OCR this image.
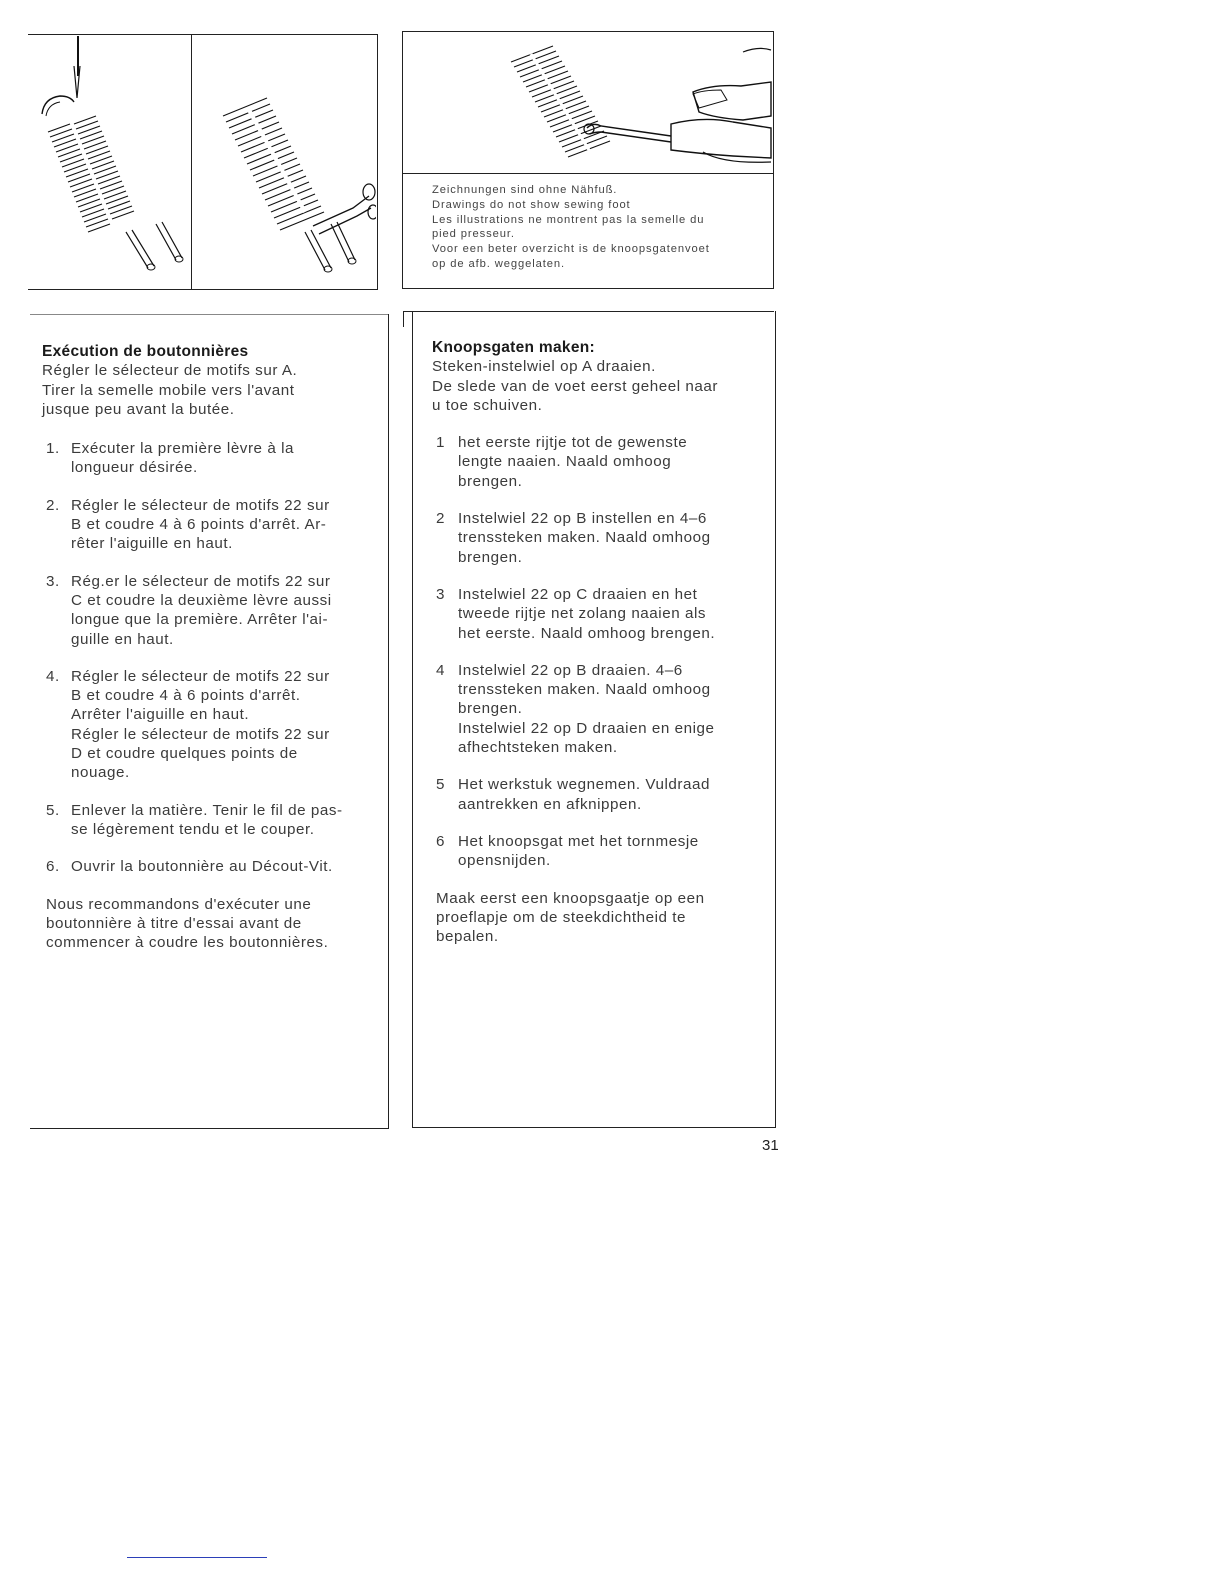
Zeichnungen sind ohne Nähfuß.

Drawings do not show sewing foot

Les illustrations ne montrent pas la semelle du

pied presseur.

Voor een beter overzicht is de knoopsgatenvoet

op de afb. weggelaten.

Exécution de boutonnières

Régler le sélecteur de motifs sur A.
Tirer la semelle mobile vers l'avant
jusque peu avant la butée.

1. Exécuter la première lèvre à la
longueur désirée.
2. Régler le sélecteur de motifs 22 sur
B et coudre 4 à 6 points d'arrêt. Ar-
rêter l'aiguille en haut.
3. Rég.er le sélecteur de motifs 22 sur
C et coudre la deuxième lèvre aussi
longue que la première. Arrêter l'ai-
guille en haut.
4. Régler le sélecteur de motifs 22 sur
B et coudre 4 à 6 points d'arrêt.
Arrêter l'aiguille en haut.
Régler le sélecteur de motifs 22 sur
D et coudre quelques points de
nouage.
5. Enlever la matière. Tenir le fil de pas-
se légèrement tendu et le couper.
6. Ouvrir la boutonnière au Décout-Vit.

Nous recommandons d'exécuter une
boutonnière à titre d'essai avant de
commencer à coudre les boutonnières.

Knoopsgaten maken:

Steken-instelwiel op A draaien.
De slede van de voet eerst geheel naar
u toe schuiven.

1 het eerste rijtje tot de gewenste
lengte naaien. Naald omhoog
brengen.
2 Instelwiel 22 op B instellen en 4–6
trenssteken maken. Naald omhoog
brengen.
3 Instelwiel 22 op C draaien en het
tweede rijtje net zolang naaien als
het eerste. Naald omhoog brengen.
4 Instelwiel 22 op B draaien. 4–6
trenssteken maken. Naald omhoog
brengen.
Instelwiel 22 op D draaien en enige
afhechtsteken maken.
5 Het werkstuk wegnemen. Vuldraad
aantrekken en afknippen.
6 Het knoopsgat met het tornmesje
opensnijden.

Maak eerst een knoopsgaatje op een
proeflapje om de steekdichtheid te
bepalen.

31
